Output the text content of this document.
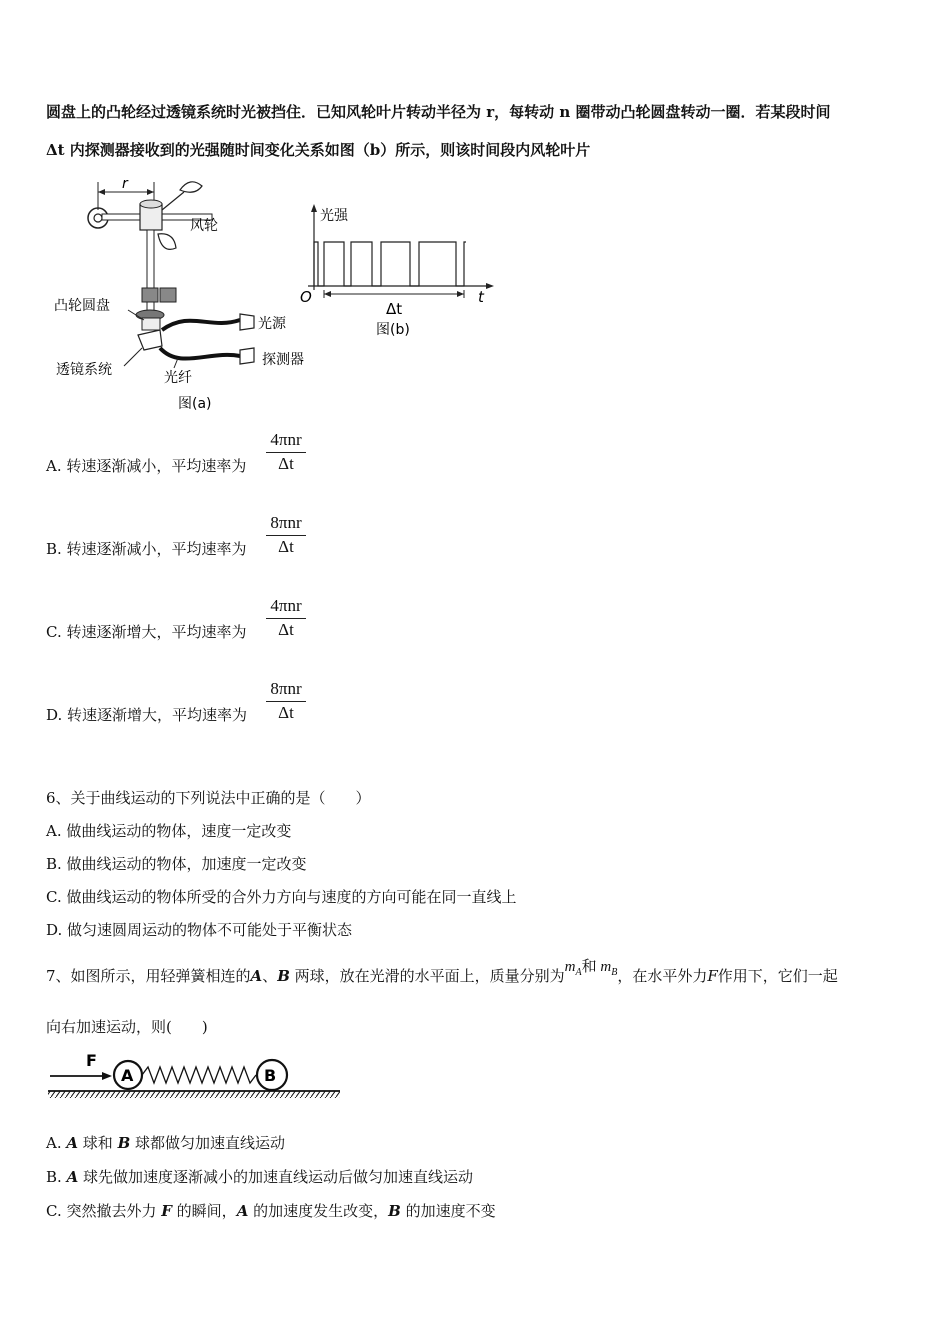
圆盘上的凸轮经过透镜系统时光被挡住．已知风轮叶片转动半径为 r，每转动 n 圈带动凸轮圆盘转动一圈．若某段时间
Δt 内探测器接收到的光强随时间变化关系如图（b）所示，则该时间段内风轮叶片
r
风轮
凸轮圆盘
透镜系统
光源
探测器
光纤
图(a)
光强
O	t
Δt
图(b)
A. 转速逐渐减小，平均速率为
4πnr
Δt
B. 转速逐渐减小，平均速率为
8πnr
Δt
C. 转速逐渐增大，平均速率为
4πnr
Δt
D. 转速逐渐增大，平均速率为
8πnr
Δt
6、关于曲线运动的下列说法中正确的是（　　）
A. 做曲线运动的物体，速度一定改变
B. 做曲线运动的物体，加速度一定改变
C. 做曲线运动的物体所受的合外力方向与速度的方向可能在同一直线上
D. 做匀速圆周运动的物体不可能处于平衡状态
7、如图所示，用轻弹簧相连的A、B 两球，放在光滑的水平面上，质量分别为$m_A$和 $m_B$，在水平外力F作用下，它们一起
向右加速运动，则(　　)
F
A	B
A. A 球和 B 球都做匀加速直线运动
B. A 球先做加速度逐渐减小的加速直线运动后做匀加速直线运动
C. 突然撤去外力 F 的瞬间，A 的加速度发生改变，B 的加速度不变
